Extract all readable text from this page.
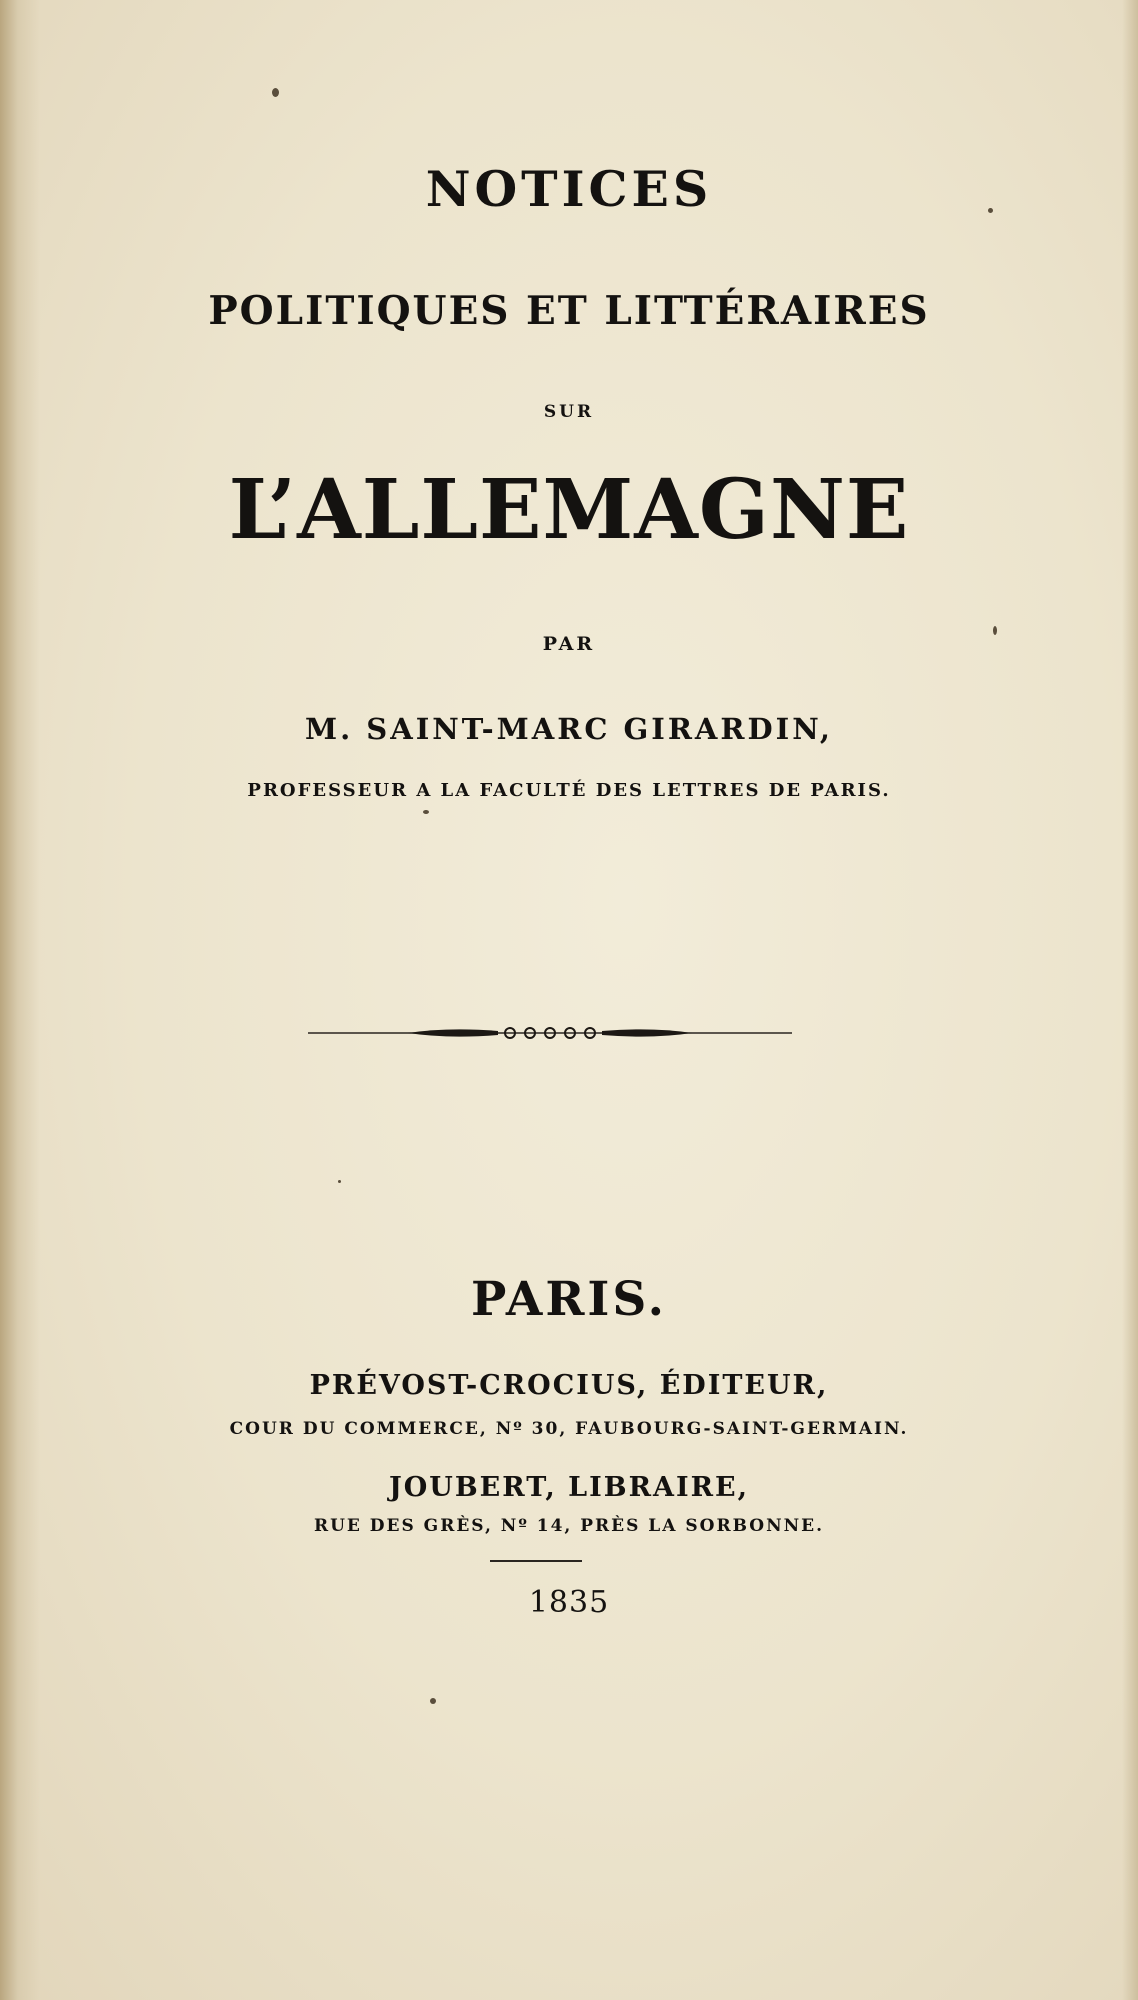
NOTICES

POLITIQUES ET LITTÉRAIRES

SUR

L’ALLEMAGNE

PAR

M. SAINT-MARC GIRARDIN,

PROFESSEUR A LA FACULTÉ DES LETTRES DE PARIS.

PARIS.

PRÉVOST-CROCIUS, ÉDITEUR,

COUR DU COMMERCE, Nº 30, FAUBOURG-SAINT-GERMAIN.

JOUBERT, LIBRAIRE,

RUE DES GRÈS, Nº 14, PRÈS LA SORBONNE.

1835
